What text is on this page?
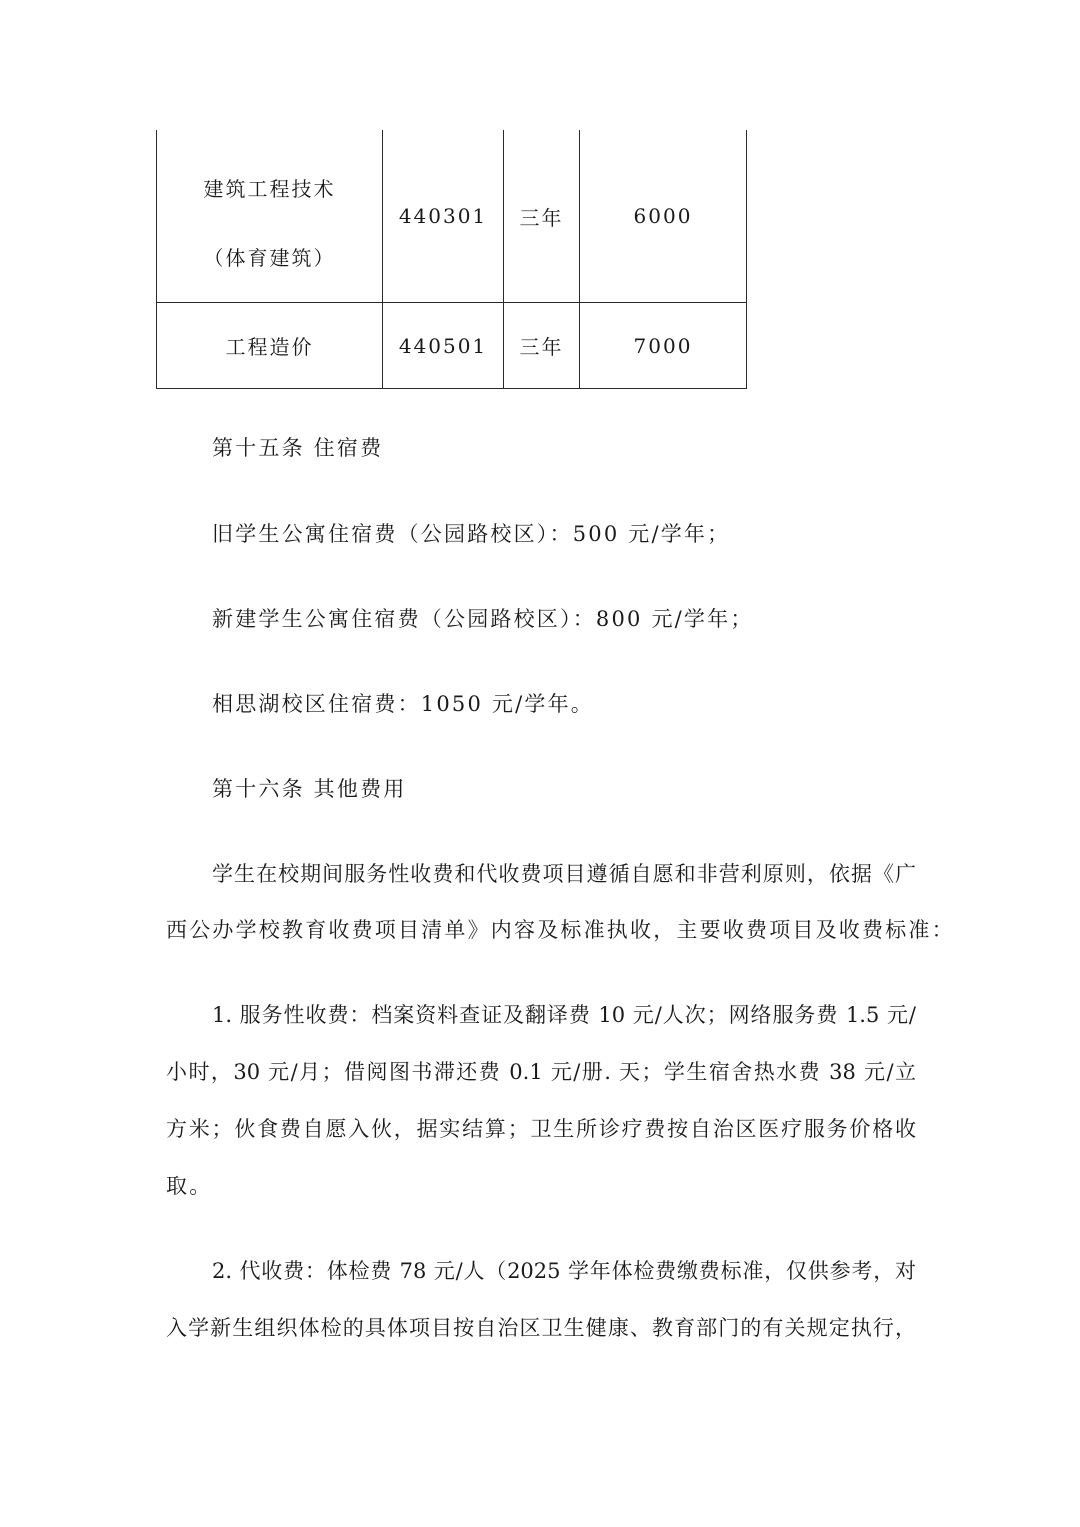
建筑工程技术
（体育建筑）	440301	三年	6000
工程造价	440501	三年	7000
第十五条 住宿费
旧学生公寓住宿费（公园路校区）：500 元/学年；
新建学生公寓住宿费（公园路校区）：800 元/学年；
相思湖校区住宿费：1050 元/学年。
第十六条 其他费用
学生在校期间服务性收费和代收费项目遵循自愿和非营利原则，依据《广
西公办学校教育收费项目清单》内容及标准执收，主要收费项目及收费标准：
1. 服务性收费：档案资料查证及翻译费 10 元/人次；网络服务费 1.5 元/
小时，30 元/月；借阅图书滞还费 0.1 元/册. 天；学生宿舍热水费 38 元/立
方米；伙食费自愿入伙，据实结算；卫生所诊疗费按自治区医疗服务价格收
取。
2. 代收费：体检费 78 元/人（2025 学年体检费缴费标准，仅供参考，对
入学新生组织体检的具体项目按自治区卫生健康、教育部门的有关规定执行，
